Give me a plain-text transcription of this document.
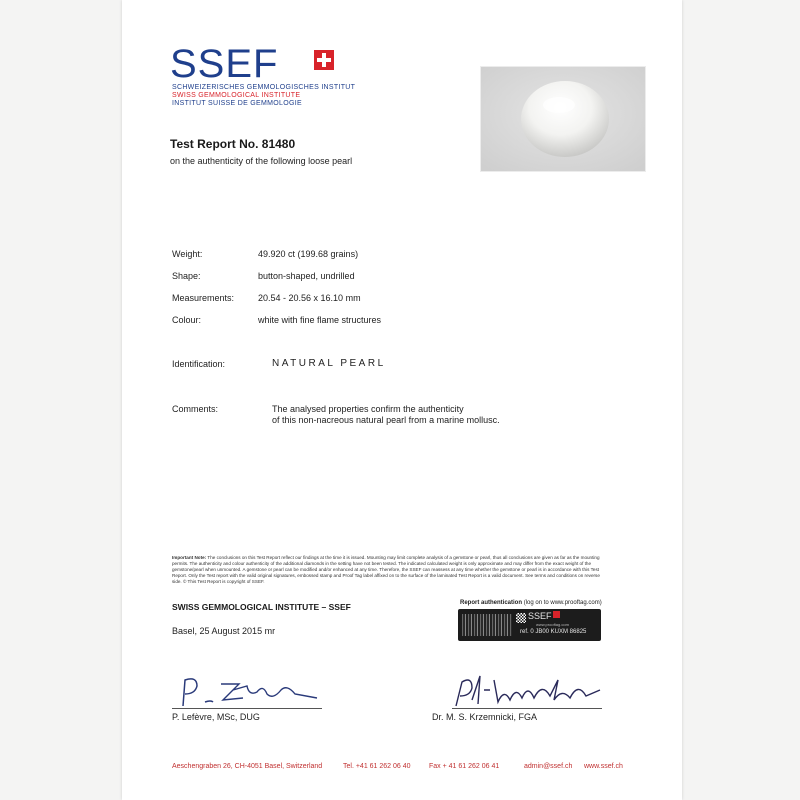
SSEF
SCHWEIZERISCHES GEMMOLOGISCHES INSTITUT
SWISS GEMMOLOGICAL INSTITUTE
INSTITUT SUISSE DE GEMMOLOGIE
Test Report No. 81480
on the authenticity of the following loose pearl
Weight:	49.920 ct (199.68 grains)
Shape:	button-shaped, undrilled
Measurements:	20.54 - 20.56 x 16.10 mm
Colour:	white with fine flame structures
Identification:	NATURAL PEARL
Comments:	The analysed properties confirm the authenticity
of this non-nacreous natural pearl from a marine mollusc.
Important Note: The conclusions on this Test Report reflect our findings at the time it is issued. Mounting may limit complete analysis of a gemstone or pearl, thus all conclusions are given as far as the mounting permits. The authenticity and colour authenticity of the additional diamonds in the setting have not been tested. The indicated calculated weight is only approximate and may differ from the exact weight of the gemstone/pearl when unmounted. A gemstone or pearl can be modified and/or enhanced at any time. Therefore, the SSEF can reassess at any time whether the gemstone or pearl is in accordance with this Test Report. Only the Test report with the valid original signatures, embossed stamp and Proof Tag label affixed on to the surface of the laminated Test Report is a valid document. See terms and conditions on reverse side. © This Test Report is copyright of SSEF.
SWISS GEMMOLOGICAL INSTITUTE – SSEF
Basel, 25 August 2015 mr
Report authentication (log on to www.prooftag.com)
SSEF
www.prooftag.com
ref. 0 JB00 KUXM 86825
P. Lefèvre, MSc, DUG	Dr. M. S. Krzemnicki, FGA
Aeschengraben 26, CH-4051 Basel, Switzerland	Tel. +41 61 262 06 40	Fax + 41 61 262 06 41	admin@ssef.ch www.ssef.ch
